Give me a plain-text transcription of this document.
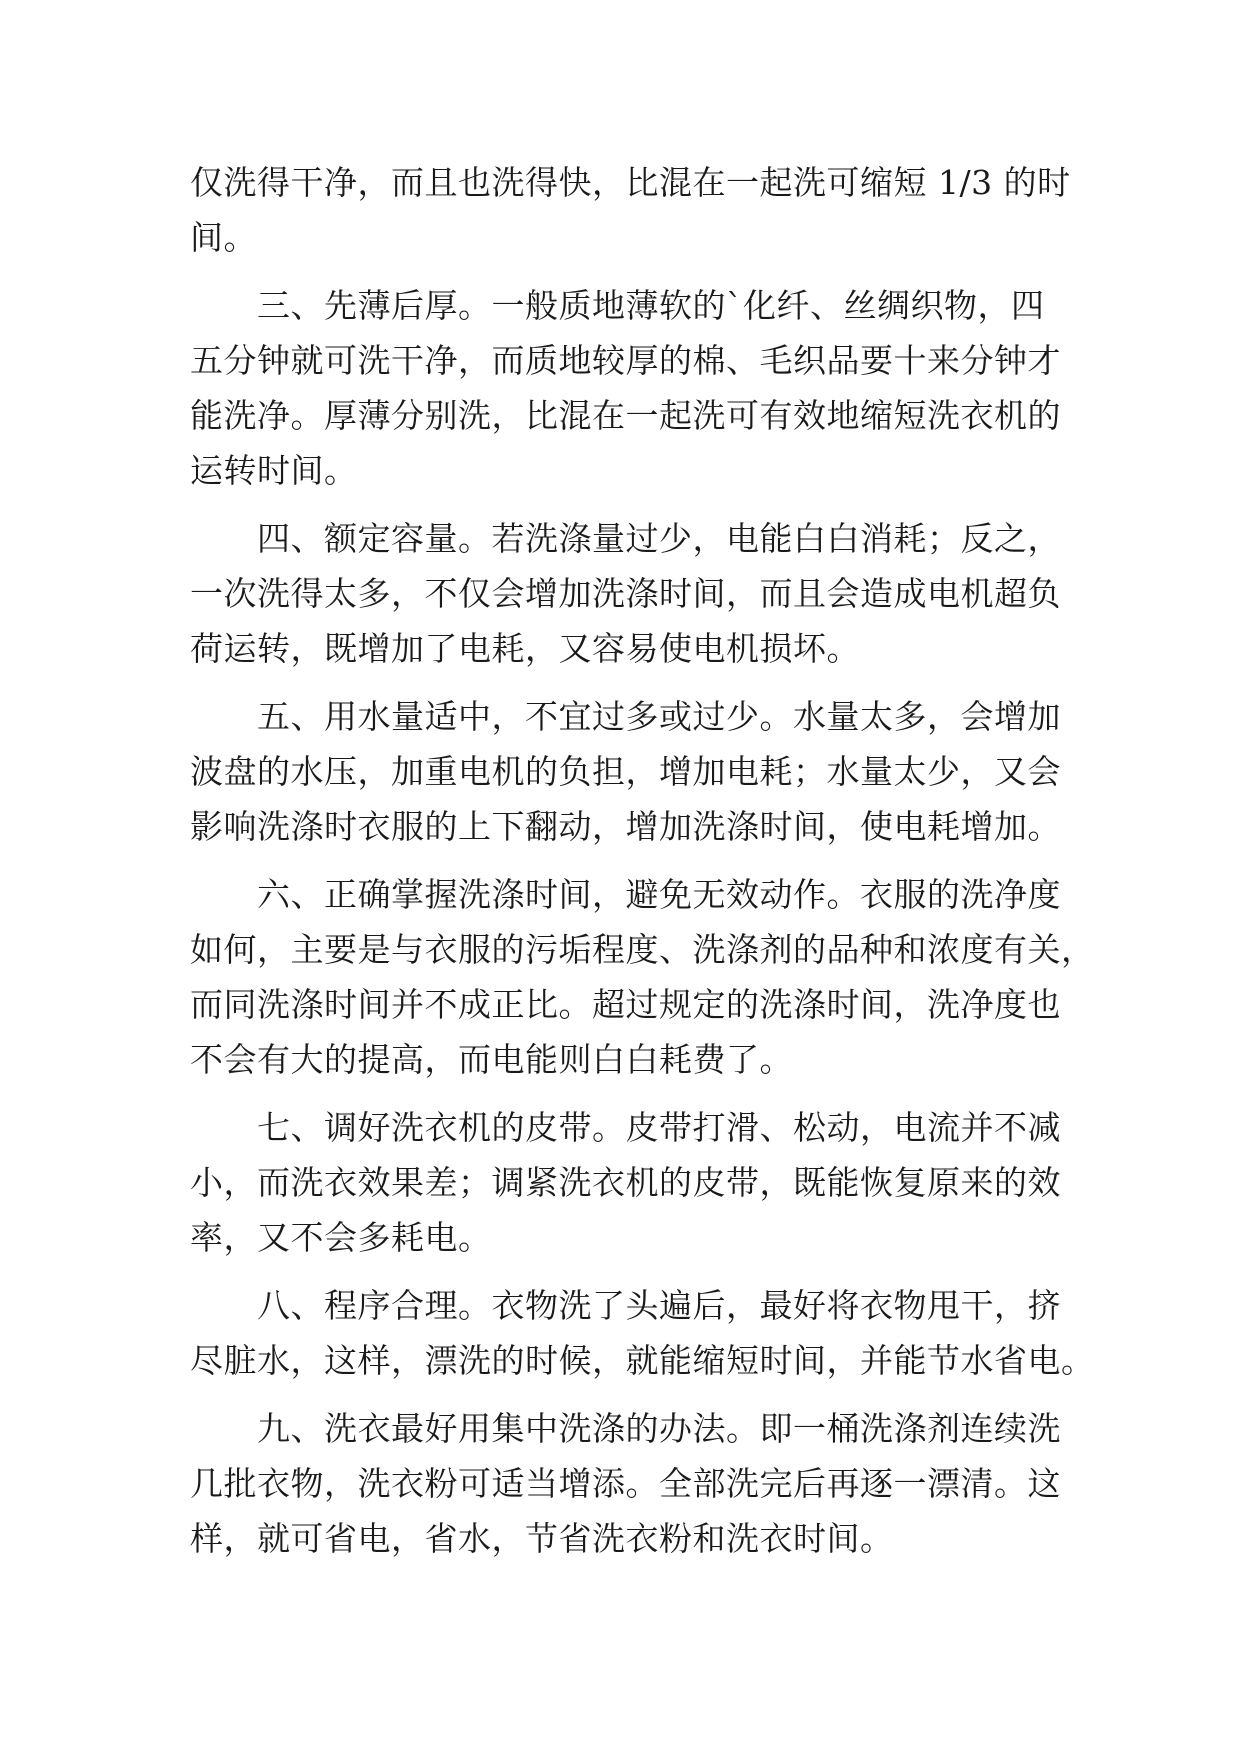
仅洗得干净，而且也洗得快，比混在一起洗可缩短 1/3 的时
间。
　　三、先薄后厚。一般质地薄软的`化纤、丝绸织物，四
五分钟就可洗干净，而质地较厚的棉、毛织品要十来分钟才
能洗净。厚薄分别洗，比混在一起洗可有效地缩短洗衣机的
运转时间。
　　四、额定容量。若洗涤量过少，电能白白消耗；反之，
一次洗得太多，不仅会增加洗涤时间，而且会造成电机超负
荷运转，既增加了电耗，又容易使电机损坏。
　　五、用水量适中，不宜过多或过少。水量太多，会增加
波盘的水压，加重电机的负担，增加电耗；水量太少，又会
影响洗涤时衣服的上下翻动，增加洗涤时间，使电耗增加。
　　六、正确掌握洗涤时间，避免无效动作。衣服的洗净度
如何，主要是与衣服的污垢程度、洗涤剂的品种和浓度有关，
而同洗涤时间并不成正比。超过规定的洗涤时间，洗净度也
不会有大的提高，而电能则白白耗费了。
　　七、调好洗衣机的皮带。皮带打滑、松动，电流并不减
小，而洗衣效果差；调紧洗衣机的皮带，既能恢复原来的效
率，又不会多耗电。
　　八、程序合理。衣物洗了头遍后，最好将衣物甩干，挤
尽脏水，这样，漂洗的时候，就能缩短时间，并能节水省电。
　　九、洗衣最好用集中洗涤的办法。即一桶洗涤剂连续洗
几批衣物，洗衣粉可适当增添。全部洗完后再逐一漂清。这
样，就可省电，省水，节省洗衣粉和洗衣时间。
